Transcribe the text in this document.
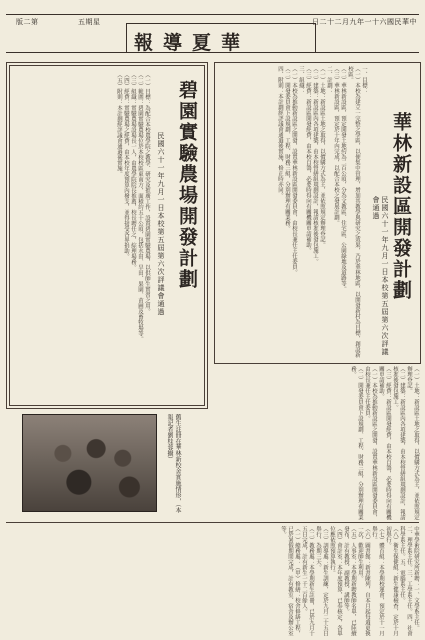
版二第	五期星
報導夏華
日二十二月九年一十六國民華中
華林新設區開發計劃
民國六十一年九月一日本校第五屆第六次評議會通過
一、目標：
（一）本校為建立一完整之學區，以便集中管理，增加其教學與研究之效果，乃於華林地區，以開發新村為目標，創設新校區。
（二）華林新設區，預定開發土地約為二百公頃，分為文教區、住宅區、公園綠地及道路等。
（三）華林新設區，預定於十年內完成，以配合本校之發展計劃。
二、計劃：
（一）土地：新設區土地之取得，以價購方式為主，並依照規定辦理登記。
（二）建築：新設區內各項建築，由本校營繕組規劃設計，報請核准後發包施工。
（三）經費：新設區開發經費，由本校自籌，必要時得向有關機關申請補助。
三、組織：
（一）本校為推動新設區之開發，設置華林新設區開發委員會，由校長兼任主任委員。
（二）開發委員會下設規劃、工程、財務三組，分別辦理有關業務。
四、附則：本計劃經評議會通過後實施，修正時亦同。
碧園實驗農場開發計劃
民國六十一年九月一日本校第五屆第六次評議會通過
（一）目標：為配合本校農學院之教學、研究及推廣工作，設置碧園實驗農場，以供師生實習之用。
（二）範圍：碧園實驗農場位於本校校區東南方，面積約五十公頃，包括水田、旱田、果園、苗圃及畜牧場等。
（三）組織：實驗農場設場長一人，由農學院院長推薦，校長聘任之，綜理場務。
（四）經費：實驗農場之經費，由本校年度預算內撥支，並得接受各界捐助。
（五）附則：本計劃經評議會通過後實施。
（一）土地：新設區土地之取得，以價購方式為主，並依照規定辦理登記。
（二）建築：新設區內各項建築，由本校營繕組規劃設計，報請核准後發包施工。
（三）經費：新設區開發經費，由本校自籌，必要時得向有關機關申請補助。
（一）本校為推動新設區之開發，設置華林新設區開發委員會，由校長兼任主任委員。
（二）開發委員會下設規劃、工程、財務三組，分別辦理有關業務。
舊生註冊在華林新校舍實施情形，（本報記者劉桂蓉攝）
中華學術院研究所新聘：一、文學系主任。二、理學系主任。三、工學系主任。四、社會科學系主任。五、電腦系主任。
（八）衛生保健組：新生健康檢查，定於十月初舉行。
（七）體育組：本學期校運會，預定於十一月舉行。
（六）圖書館：新書陳列，自本月起每週更換一次，歡迎師生利用。
（五）人事室：本學期新聘教師名單，已陸續發布，計有教授、副教授、講師等。
（四）會計室：本年度預算，已奉核定，各單位應依照預算執行。
（三）訓導處：新生訓練，定於九月二十五日舉行，為期三天。
（二）教務處：本學期新生註冊，已於九月十五日完成，計有新生一千二百餘人。
（一）總務處：（甲）修繕：校舍修繕工程，已於暑假期間完成，計有教室、宿舍及辦公室等。
